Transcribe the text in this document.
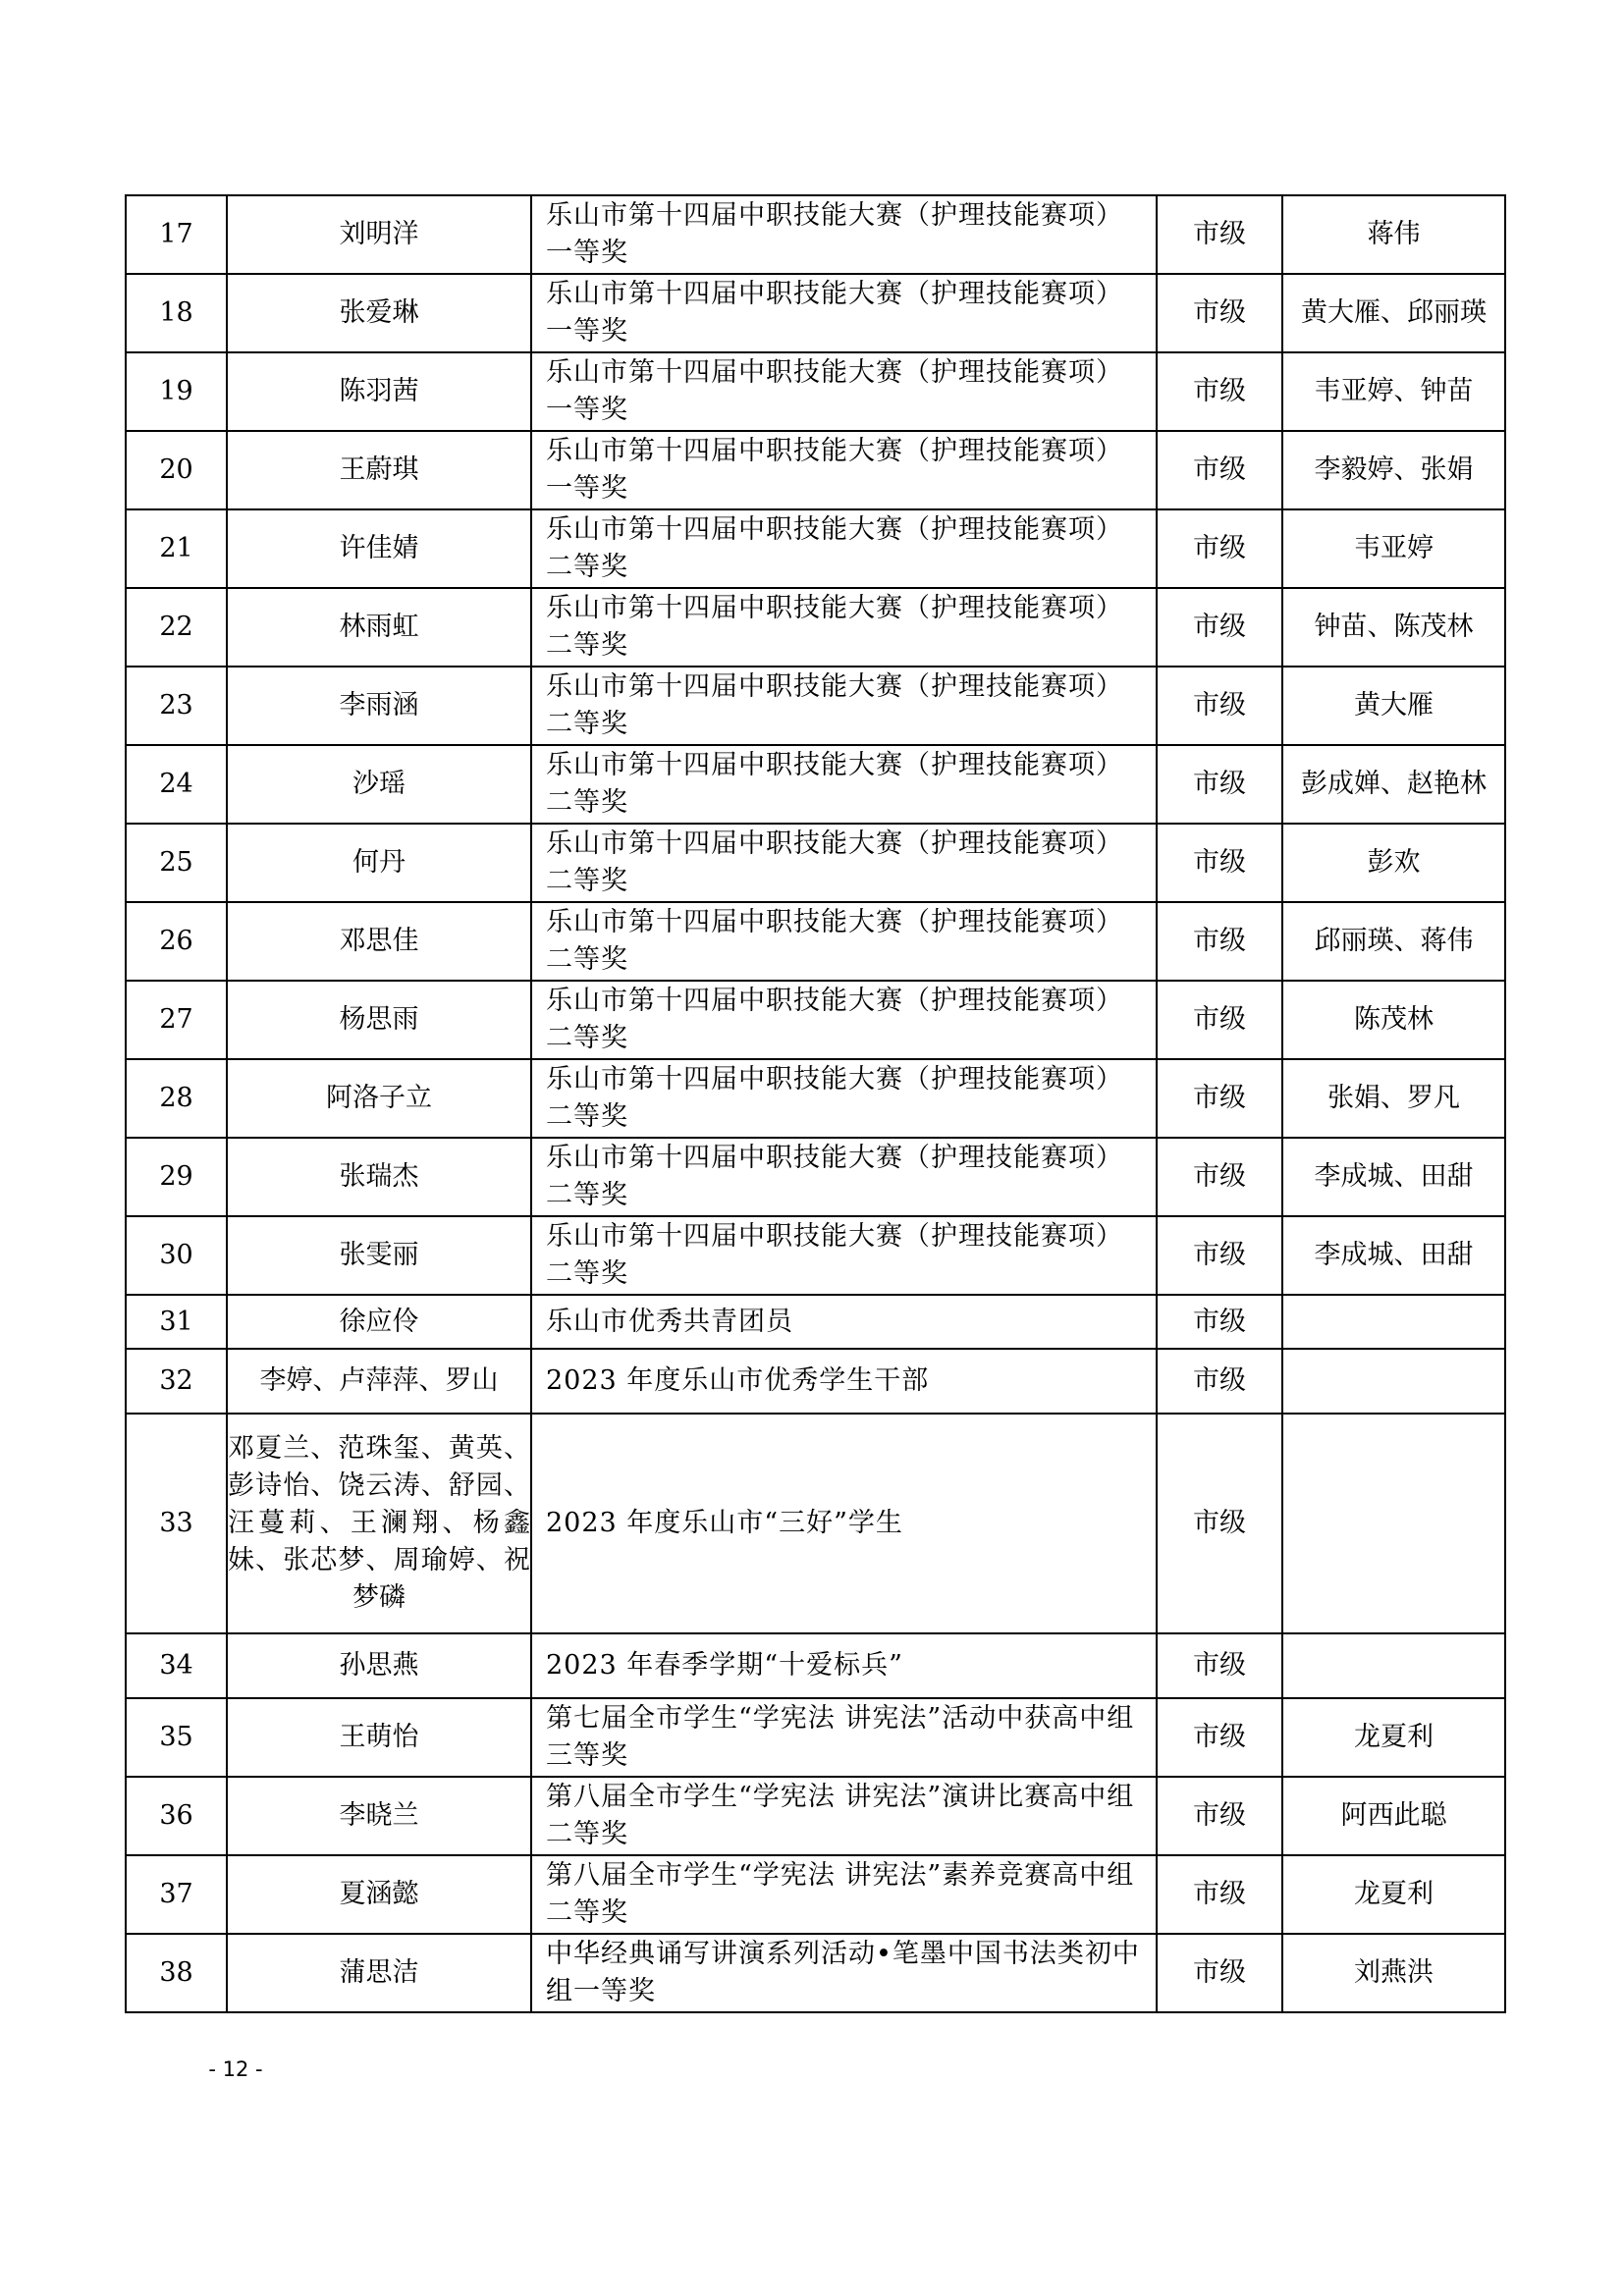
17	刘明洋	乐山市第十四届中职技能大赛（护理技能赛项）一等奖	市级	蒋伟
18	张爱琳	乐山市第十四届中职技能大赛（护理技能赛项）一等奖	市级	黄大雁、邱丽瑛
19	陈羽茜	乐山市第十四届中职技能大赛（护理技能赛项）一等奖	市级	韦亚婷、钟苗
20	王蔚琪	乐山市第十四届中职技能大赛（护理技能赛项）一等奖	市级	李毅婷、张娟
21	许佳婧	乐山市第十四届中职技能大赛（护理技能赛项）二等奖	市级	韦亚婷
22	林雨虹	乐山市第十四届中职技能大赛（护理技能赛项）二等奖	市级	钟苗、陈茂林
23	李雨涵	乐山市第十四届中职技能大赛（护理技能赛项）二等奖	市级	黄大雁
24	沙瑶	乐山市第十四届中职技能大赛（护理技能赛项）二等奖	市级	彭成婵、赵艳林
25	何丹	乐山市第十四届中职技能大赛（护理技能赛项）二等奖	市级	彭欢
26	邓思佳	乐山市第十四届中职技能大赛（护理技能赛项）二等奖	市级	邱丽瑛、蒋伟
27	杨思雨	乐山市第十四届中职技能大赛（护理技能赛项）二等奖	市级	陈茂林
28	阿洛子立	乐山市第十四届中职技能大赛（护理技能赛项）二等奖	市级	张娟、罗凡
29	张瑞杰	乐山市第十四届中职技能大赛（护理技能赛项）二等奖	市级	李成城、田甜
30	张雯丽	乐山市第十四届中职技能大赛（护理技能赛项）二等奖	市级	李成城、田甜
31	徐应伶	乐山市优秀共青团员	市级	
32	李婷、卢萍萍、罗山	2023 年度乐山市优秀学生干部	市级	
33	邓夏兰、范珠玺、黄英、彭诗怡、饶云涛、舒园、汪蔓莉、王澜翔、杨鑫妹、张芯梦、周瑜婷、祝梦磷	2023 年度乐山市“三好”学生	市级	
34	孙思燕	2023 年春季学期“十爱标兵”	市级	
35	王萌怡	第七届全市学生“学宪法 讲宪法”活动中获高中组三等奖	市级	龙夏利
36	李晓兰	第八届全市学生“学宪法 讲宪法”演讲比赛高中组二等奖	市级	阿西此聪
37	夏涵懿	第八届全市学生“学宪法 讲宪法”素养竞赛高中组二等奖	市级	龙夏利
38	蒲思洁	中华经典诵写讲演系列活动•笔墨中国书法类初中组一等奖	市级	刘燕洪
- 12 -
